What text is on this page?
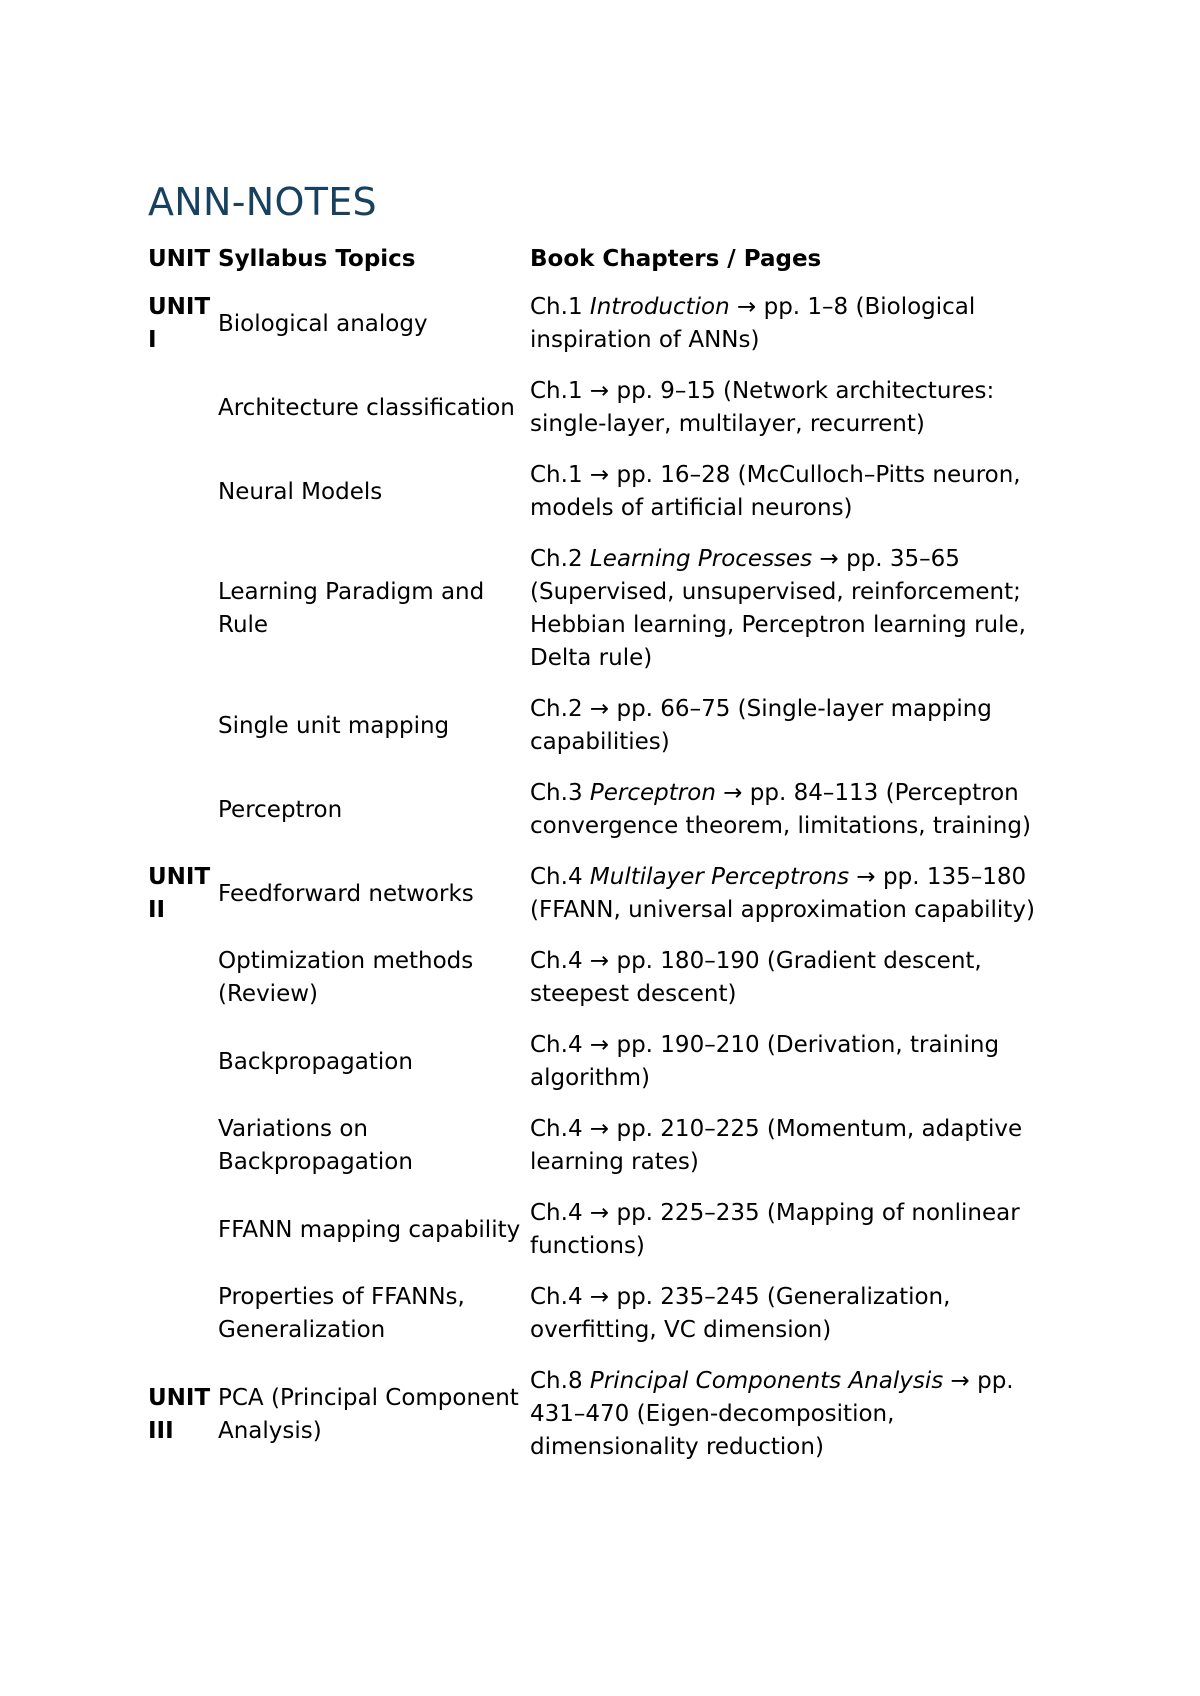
ANN-NOTES
UNIT	Syllabus Topics	Book Chapters / Pages
UNIT I	Biological analogy	Ch.1 Introduction → pp. 1–8 (Biological inspiration of ANNs)
	Architecture classification	Ch.1 → pp. 9–15 (Network architectures: single-layer, multilayer, recurrent)
	Neural Models	Ch.1 → pp. 16–28 (McCulloch–Pitts neuron, models of artificial neurons)
	Learning Paradigm and Rule	Ch.2 Learning Processes → pp. 35–65 (Supervised, unsupervised, reinforcement; Hebbian learning, Perceptron learning rule, Delta rule)
	Single unit mapping	Ch.2 → pp. 66–75 (Single-layer mapping capabilities)
	Perceptron	Ch.3 Perceptron → pp. 84–113 (Perceptron convergence theorem, limitations, training)
UNIT II	Feedforward networks	Ch.4 Multilayer Perceptrons → pp. 135–180 (FFANN, universal approximation capability)
	Optimization methods (Review)	Ch.4 → pp. 180–190 (Gradient descent, steepest descent)
	Backpropagation	Ch.4 → pp. 190–210 (Derivation, training algorithm)
	Variations on Backpropagation	Ch.4 → pp. 210–225 (Momentum, adaptive learning rates)
	FFANN mapping capability	Ch.4 → pp. 225–235 (Mapping of nonlinear functions)
	Properties of FFANNs, Generalization	Ch.4 → pp. 235–245 (Generalization, overfitting, VC dimension)
UNIT III	PCA (Principal Component Analysis)	Ch.8 Principal Components Analysis → pp. 431–470 (Eigen-decomposition, dimensionality reduction)
